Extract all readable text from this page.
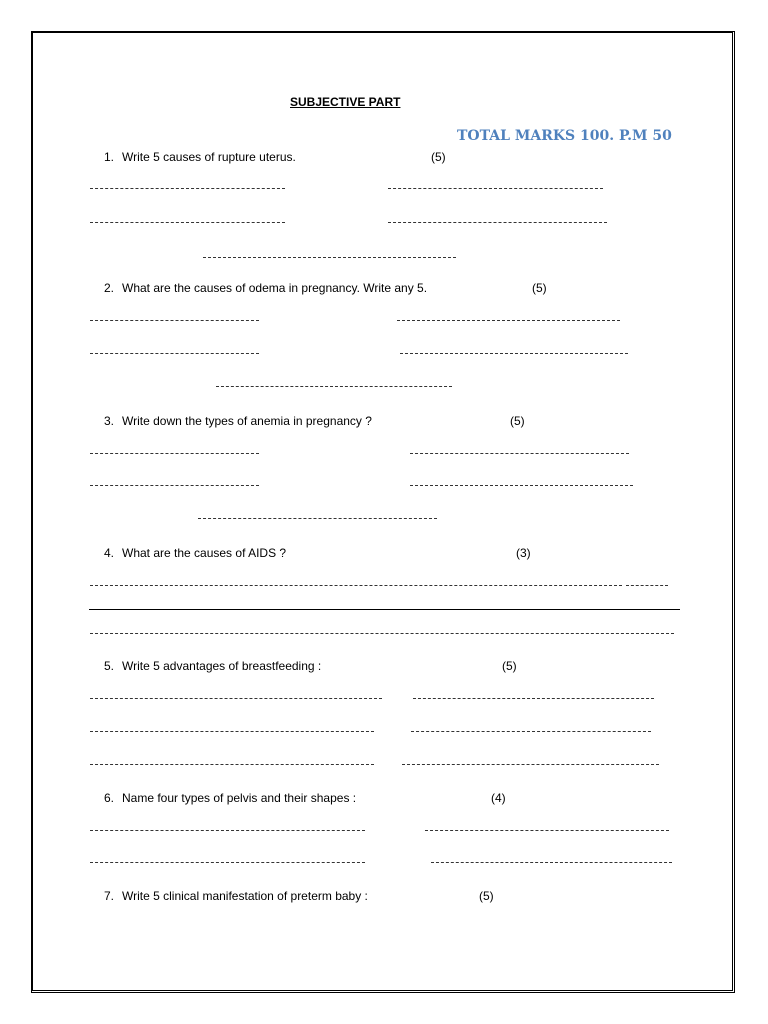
SUBJECTIVE PART
TOTAL MARKS 100. P.M 50
1. Write 5 causes of rupture uterus.	(5)
2. What are the causes of odema in pregnancy. Write any 5.	(5)
3. Write down the types of anemia in pregnancy ?	(5)
4. What are the causes of AIDS ?	(3)
5. Write 5 advantages of breastfeeding :	(5)
6. Name four types of pelvis and their shapes :	(4)
7. Write 5 clinical manifestation of preterm baby :	(5)
